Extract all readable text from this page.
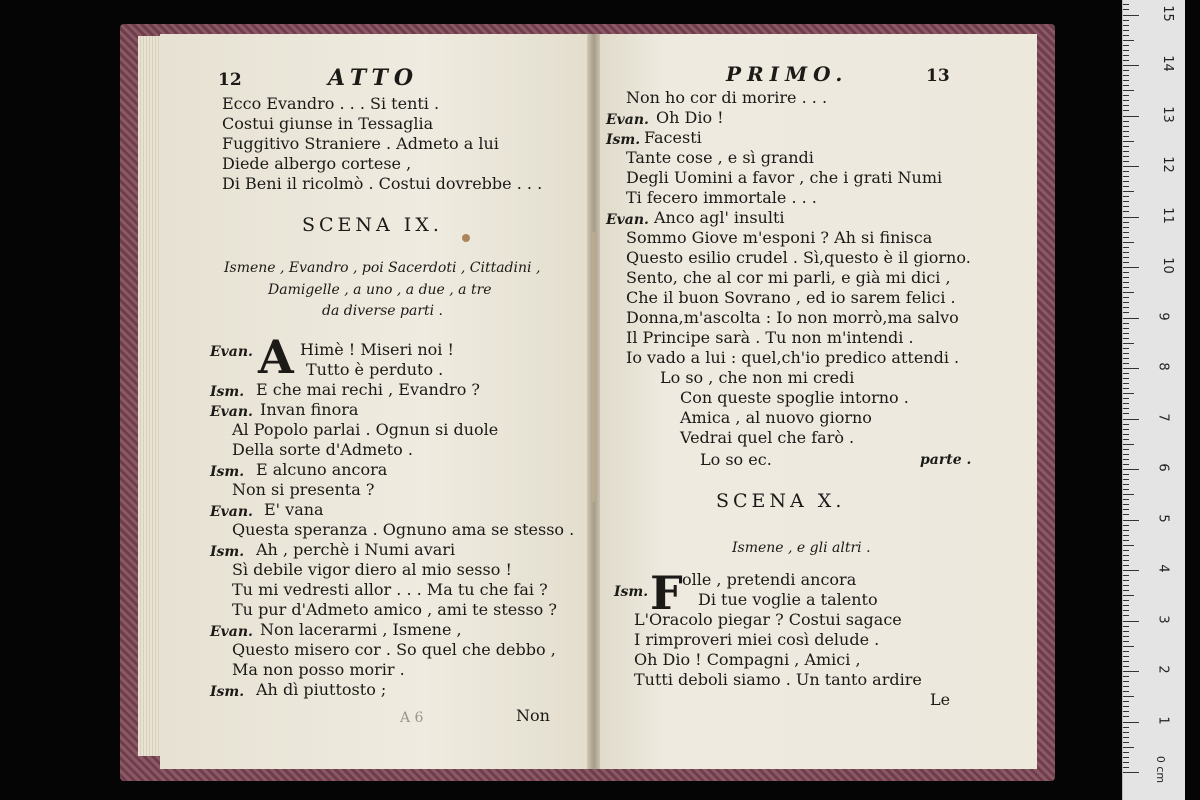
12	ATTO
Ecco Evandro . . . Si tenti .
Costui giunse in Tessaglia
Fuggitivo Straniere . Admeto a lui
Diede albergo cortese ,
Di Beni il ricolmò . Costui dovrebbe . . .
SCENA IX.
Ismene , Evandro , poi Sacerdoti , Cittadini ,
Damigelle , a uno , a due , a tre
da diverse parti .
A
Evan.	Himè ! Miseri noi !
Tutto è perduto .
Ism. E che mai rechi , Evandro ?
Evan. Invan finora
Al Popolo parlai . Ognun si duole
Della sorte d'Admeto .
Ism. E alcuno ancora
Non si presenta ?
Evan. E' vana
Questa speranza . Ognuno ama se stesso .
Ism. Ah , perchè i Numi avari
Sì debile vigor diero al mio sesso !
Tu mi vedresti allor . . . Ma tu che fai ?
Tu pur d'Admeto amico , ami te stesso ?
Evan. Non lacerarmi , Ismene ,
Questo misero cor . So quel che debbo ,
Ma non posso morir .
Ism. Ah dì piuttosto ;
A 6	Non
PRIMO.	13
Non ho cor di morire . . .
Evan. Oh Dio !
Ism. Facesti
Tante cose , e sì grandi
Degli Uomini a favor , che i grati Numi
Ti fecero immortale . . .
Evan. Anco agl' insulti
Sommo Giove m'esponi ? Ah si finisca
Questo esilio crudel . Sì,questo è il giorno.
Sento, che al cor mi parli, e già mi dici ,
Che il buon Sovrano , ed io sarem felici .
Donna,m'ascolta : Io non morrò,ma salvo
Il Principe sarà . Tu non m'intendi .
Io vado a lui : quel,ch'io predico attendi .
Lo so , che non mi credi
Con queste spoglie intorno .
Amica , al nuovo giorno
Vedrai quel che farò .
Lo so ec.	parte .
SCENA X.
Ismene , e gli altri .
Ism. F olle , pretendi ancora
Di tue voglie a talento
L'Oracolo piegar ? Costui sagace
I rimproveri miei così delude .
Oh Dio ! Compagni , Amici ,
Tutti deboli siamo . Un tanto ardire
Le
0 cm
1
2
3
4
5
6
7
8
9
10
11
12
13
14
15
